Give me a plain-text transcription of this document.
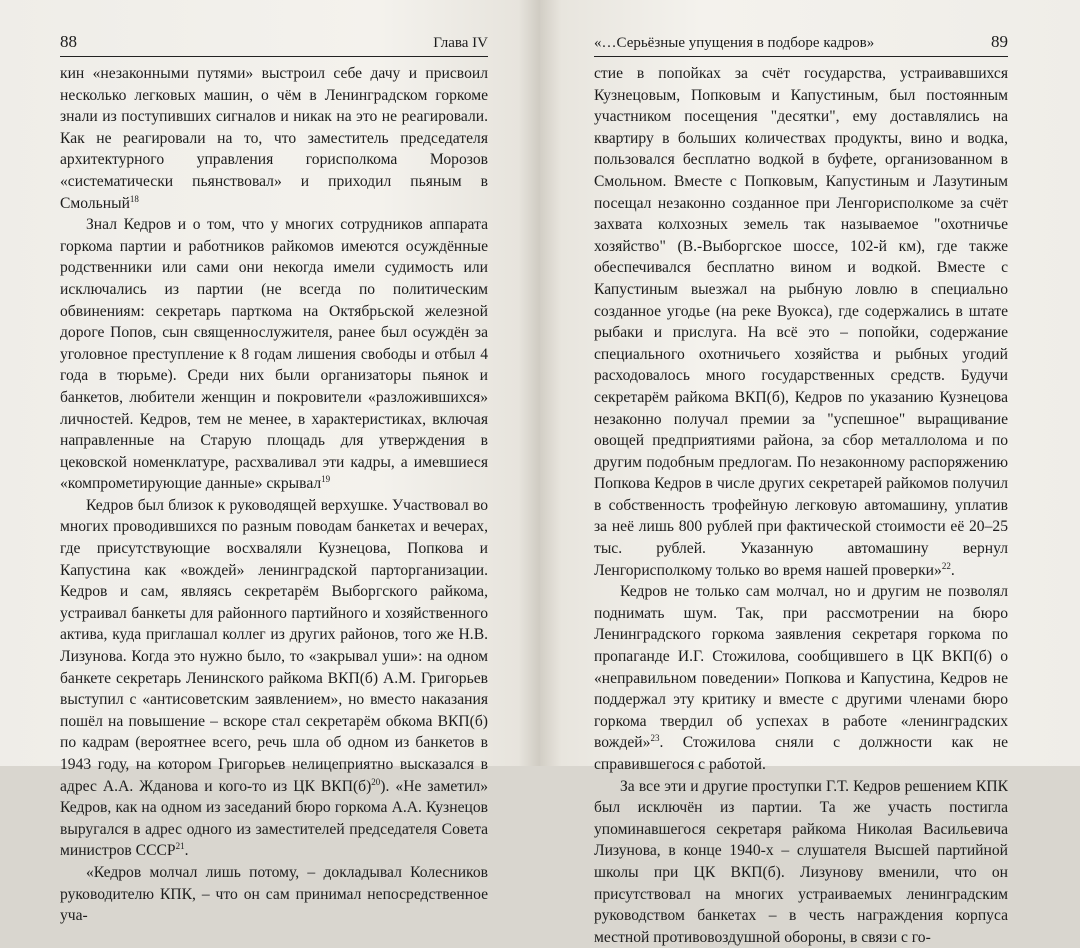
88	Глава IV

кин «незаконными путями» выстроил себе дачу и присвоил несколько легковых машин, о чём в Ленинградском горкоме знали из поступивших сигналов и никак на это не реагировали. Как не реагировали на то, что заместитель председателя архитектурного управления горисполкома Морозов «систематически пьянствовал» и приходил пьяным в Смольный$^{18}$

Знал Кедров и о том, что у многих сотрудников аппарата горкома партии и работников райкомов имеются осуждённые родственники или сами они некогда имели судимость или исключались из партии (не всегда по политическим обвинениям: секретарь парткома на Октябрьской железной дороге Попов, сын священнослужителя, ранее был осуждён за уголовное преступление к 8 годам лишения свободы и отбыл 4 года в тюрьме). Среди них были организаторы пьянок и банкетов, любители женщин и покровители «разложившихся» личностей. Кедров, тем не менее, в характеристиках, включая направленные на Старую площадь для утверждения в цековской номенклатуре, расхваливал эти кадры, а имевшиеся «компрометирующие данные» скрывал$^{19}$

Кедров был близок к руководящей верхушке. Участвовал во многих проводившихся по разным поводам банкетах и вечерах, где присутствующие восхваляли Кузнецова, Попкова и Капустина как «вождей» ленинградской парторганизации. Кедров и сам, являясь секретарём Выборгского райкома, устраивал банкеты для районного партийного и хозяйственного актива, куда приглашал коллег из других районов, того же Н.В. Лизунова. Когда это нужно было, то «закрывал уши»: на одном банкете секретарь Ленинского райкома ВКП(б) А.М. Григорьев выступил с «антисоветским заявлением», но вместо наказания пошёл на повышение – вскоре стал секретарём обкома ВКП(б) по кадрам (вероятнее всего, речь шла об одном из банкетов в 1943 году, на котором Григорьев нелицеприятно высказался в адрес А.А. Жданова и кого-то из ЦК $ВКП(б)^{20}$). «Не заметил» Кедров, как на одном из заседаний бюро горкома А.А. Кузнецов выругался в адрес одного из заместителей председателя Совета министров СССР$^{21}$.

«Кедров молчал лишь потому, – докладывал Колесников руководителю КПК, – что он сам принимал непосредственное уча-

«…Серьёзные упущения в подборе кадров»	89

стие в попойках за счёт государства, устраивавшихся Кузнецовым, Попковым и Капустиным, был постоянным участником посещения "десятки", ему доставлялись на квартиру в больших количествах продукты, вино и водка, пользовался бесплатно водкой в буфете, организованном в Смольном. Вместе с Попковым, Капустиным и Лазутиным посещал незаконно созданное при Ленгорисполкоме за счёт захвата колхозных земель так называемое "охотничье хозяйство" (В.-Выборгское шоссе, 102-й км), где также обеспечивался бесплатно вином и водкой. Вместе с Капустиным выезжал на рыбную ловлю в специально созданное угодье (на реке Вуокса), где содержались в штате рыбаки и прислуга. На всё это – попойки, содержание специального охотничьего хозяйства и рыбных угодий расходовалось много государственных средств. Будучи секретарём райкома ВКП(б), Кедров по указанию Кузнецова незаконно получал премии за "успешное" выращивание овощей предприятиями района, за сбор металлолома и по другим подобным предлогам. По незаконному распоряжению Попкова Кедров в числе других секретарей райкомов получил в собственность трофейную легковую автомашину, уплатив за неё лишь 800 рублей при фактической стоимости её 20–25 тыс. рублей. Указанную автомашину вернул Ленгорисполкому только во время нашей проверки»$^{22}$.

Кедров не только сам молчал, но и другим не позволял поднимать шум. Так, при рассмотрении на бюро Ленинградского горкома заявления секретаря горкома по пропаганде И.Г. Стожилова, сообщившего в ЦК ВКП(б) о «неправильном поведении» Попкова и Капустина, Кедров не поддержал эту критику и вместе с другими членами бюро горкома твердил об успехах в работе «ленинградских вождей»$^{23}$. Стожилова сняли с должности как не справившегося с работой.

За все эти и другие проступки Г.Т. Кедров решением КПК был исключён из партии. Та же участь постигла упоминавшегося секретаря райкома Николая Васильевича Лизунова, в конце 1940-х – слушателя Высшей партийной школы при ЦК ВКП(б). Лизунову вменили, что он присутствовал на многих устраиваемых ленинградским руководством банкетах – в честь награждения корпуса местной противовоздушной обороны, в связи с го-
